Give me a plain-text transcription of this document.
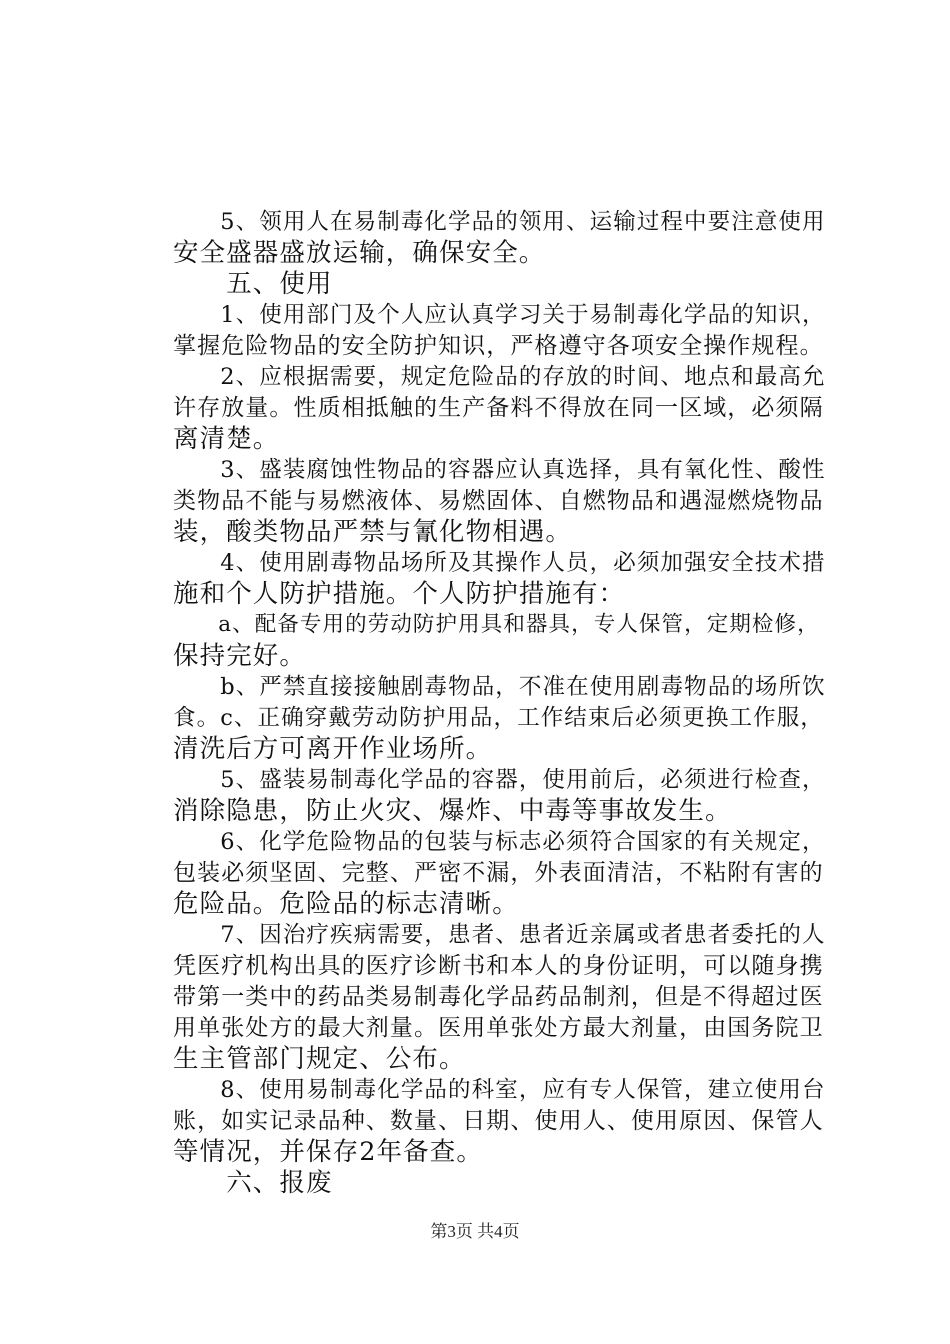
　　5、领用人在易制毒化学品的领用、运输过程中要注意使用
安全盛器盛放运输，确保安全。
　　五、使用
　　1、使用部门及个人应认真学习关于易制毒化学品的知识，
掌握危险物品的安全防护知识，严格遵守各项安全操作规程。
　　2、应根据需要，规定危险品的存放的时间、地点和最高允
许存放量。性质相抵触的生产备料不得放在同一区域，必须隔
离清楚。
　　3、盛装腐蚀性物品的容器应认真选择，具有氧化性、酸性
类物品不能与易燃液体、易燃固体、自燃物品和遇湿燃烧物品
装，酸类物品严禁与氰化物相遇。
　　4、使用剧毒物品场所及其操作人员，必须加强安全技术措
施和个人防护措施。个人防护措施有：
　　a、配备专用的劳动防护用具和器具，专人保管，定期检修，
保持完好。
　　b、严禁直接接触剧毒物品，不准在使用剧毒物品的场所饮
食。c、正确穿戴劳动防护用品，工作结束后必须更换工作服，
清洗后方可离开作业场所。
　　5、盛装易制毒化学品的容器，使用前后，必须进行检查，
消除隐患，防止火灾、爆炸、中毒等事故发生。
　　6、化学危险物品的包装与标志必须符合国家的有关规定，
包装必须坚固、完整、严密不漏，外表面清洁，不粘附有害的
危险品。危险品的标志清晰。
　　7、因治疗疾病需要，患者、患者近亲属或者患者委托的人
凭医疗机构出具的医疗诊断书和本人的身份证明，可以随身携
带第一类中的药品类易制毒化学品药品制剂，但是不得超过医
用单张处方的最大剂量。医用单张处方最大剂量，由国务院卫
生主管部门规定、公布。
　　8、使用易制毒化学品的科室，应有专人保管，建立使用台
账，如实记录品种、数量、日期、使用人、使用原因、保管人
等情况，并保存2年备查。
　　六、报废
第3页 共4页
